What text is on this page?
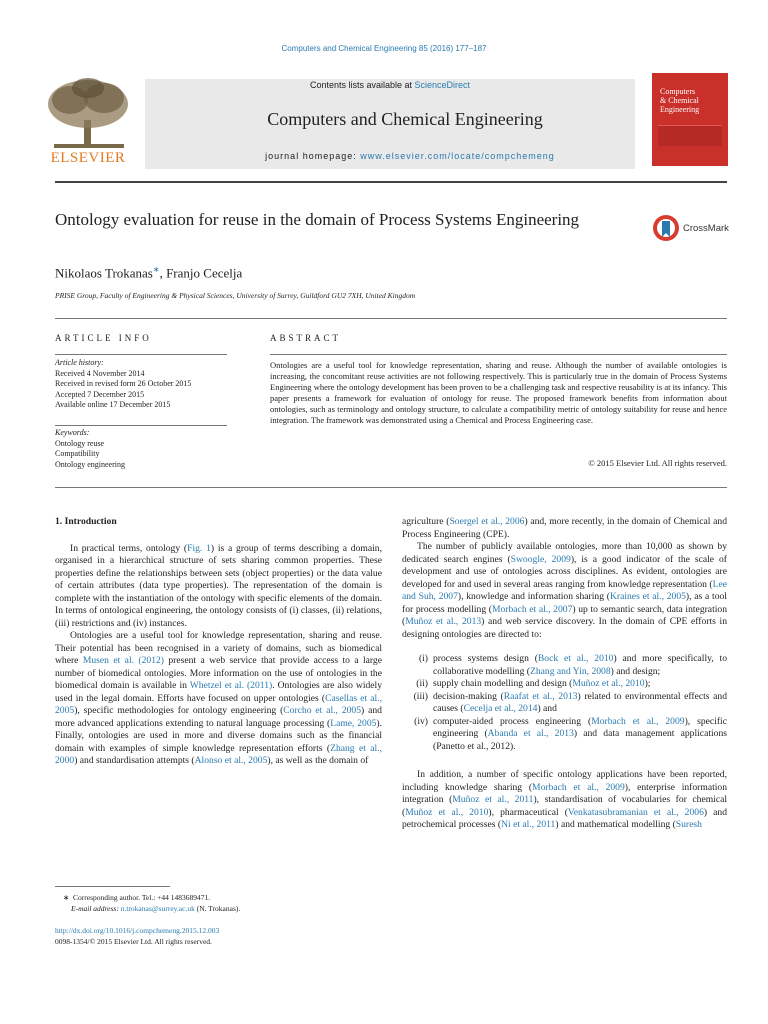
Computers and Chemical Engineering 85 (2016) 177–187
ELSEVIER
Contents lists available at ScienceDirect
Computers and Chemical Engineering
journal homepage: www.elsevier.com/locate/compchemeng
Computers
& Chemical
Engineering
Ontology evaluation for reuse in the domain of Process Systems Engineering	CrossMark
Nikolaos Trokanas∗, Franjo Cecelja
PRISE Group, Faculty of Engineering & Physical Sciences, University of Surrey, Guildford GU2 7XH, United Kingdom
ARTICLE INFO
Article history:
Received 4 November 2014
Received in revised form 26 October 2015
Accepted 7 December 2015
Available online 17 December 2015
Keywords:
Ontology reuse
Compatibility
Ontology engineering
ABSTRACT
Ontologies are a useful tool for knowledge representation, sharing and reuse. Although the number of available ontologies is increasing, the concomitant reuse activities are not following respectively. This is particularly true in the domain of Process Systems Engineering where the ontology development has been proven to be a challenging task and respective reusability is at its infancy. This paper presents a framework for evaluation of ontology for reuse. The proposed framework benefits from information about ontologies, such as terminology and ontology structure, to calculate a compatibility metric of ontology suitability for reuse and hence integration. The framework was demonstrated using a Chemical and Process Engineering case.
© 2015 Elsevier Ltd. All rights reserved.

1. Introduction

In practical terms, ontology (Fig. 1) is a group of terms describing a domain, organised in a hierarchical structure of sets sharing common properties. These properties define the relationships between sets (object properties) or the data value of certain attributes (data type properties). The representation of the domain is complete with the instantiation of the ontology with specific elements of the domain. In terms of ontological engineering, the ontology consists of (i) classes, (ii) relations, (iii) restrictions and (iv) instances.

Ontologies are a useful tool for knowledge representation, sharing and reuse. Their potential has been recognised in a variety of domains, such as biomedical where Musen et al. (2012) present a web service that provide access to a large number of biomedical ontologies. More information on the use of ontologies in the biomedical domain is available in Whetzel et al. (2011). Ontologies are also widely used in the legal domain. Efforts have focused on upper ontologies (Casellas et al., 2005), specific methodologies for ontology engineering (Corcho et al., 2005) and more advanced applications extending to natural language processing (Lame, 2005). Finally, ontologies are used in more and diverse domains such as the financial domain with examples of simple knowledge representation efforts (Zhang et al., 2000) and standardisation attempts (Alonso et al., 2005), as well as the domain of

agriculture (Soergel et al., 2006) and, more recently, in the domain of Chemical and Process Engineering (CPE).

The number of publicly available ontologies, more than 10,000 as shown by dedicated search engines (Swoogle, 2009), is a good indicator of the scale of development and use of ontologies across disciplines. As evident, ontologies are developed for and used in several areas ranging from knowledge representation (Lee and Suh, 2007), knowledge and information sharing (Kraines et al., 2005), as a tool for process modelling (Morbach et al., 2007) up to semantic search, data integration (Muñoz et al., 2013) and web service discovery. In the domain of CPE efforts in designing ontologies are directed to:

(i) process systems design (Bock et al., 2010) and more specifically, to collaborative modelling (Zhang and Yin, 2008) and design;
(ii) supply chain modelling and design (Muñoz et al., 2010);
(iii) decision-making (Raafat et al., 2013) related to environmental effects and causes (Cecelja et al., 2014) and
(iv) computer-aided process engineering (Morbach et al., 2009), specific engineering (Abanda et al., 2013) and data management applications (Panetto et al., 2012).

In addition, a number of specific ontology applications have been reported, including knowledge sharing (Morbach et al., 2009), enterprise information integration (Muñoz et al., 2011), standardisation of vocabularies for chemical (Muñoz et al., 2010), pharmaceutical (Venkatasubramanian et al., 2006) and petrochemical processes (Ni et al., 2011) and mathematical modelling (Suresh

∗ Corresponding author. Tel.: +44 1483689471.
E-mail address: n.trokanas@surrey.ac.uk (N. Trokanas).
http://dx.doi.org/10.1016/j.compchemeng.2015.12.003
0098-1354/© 2015 Elsevier Ltd. All rights reserved.
